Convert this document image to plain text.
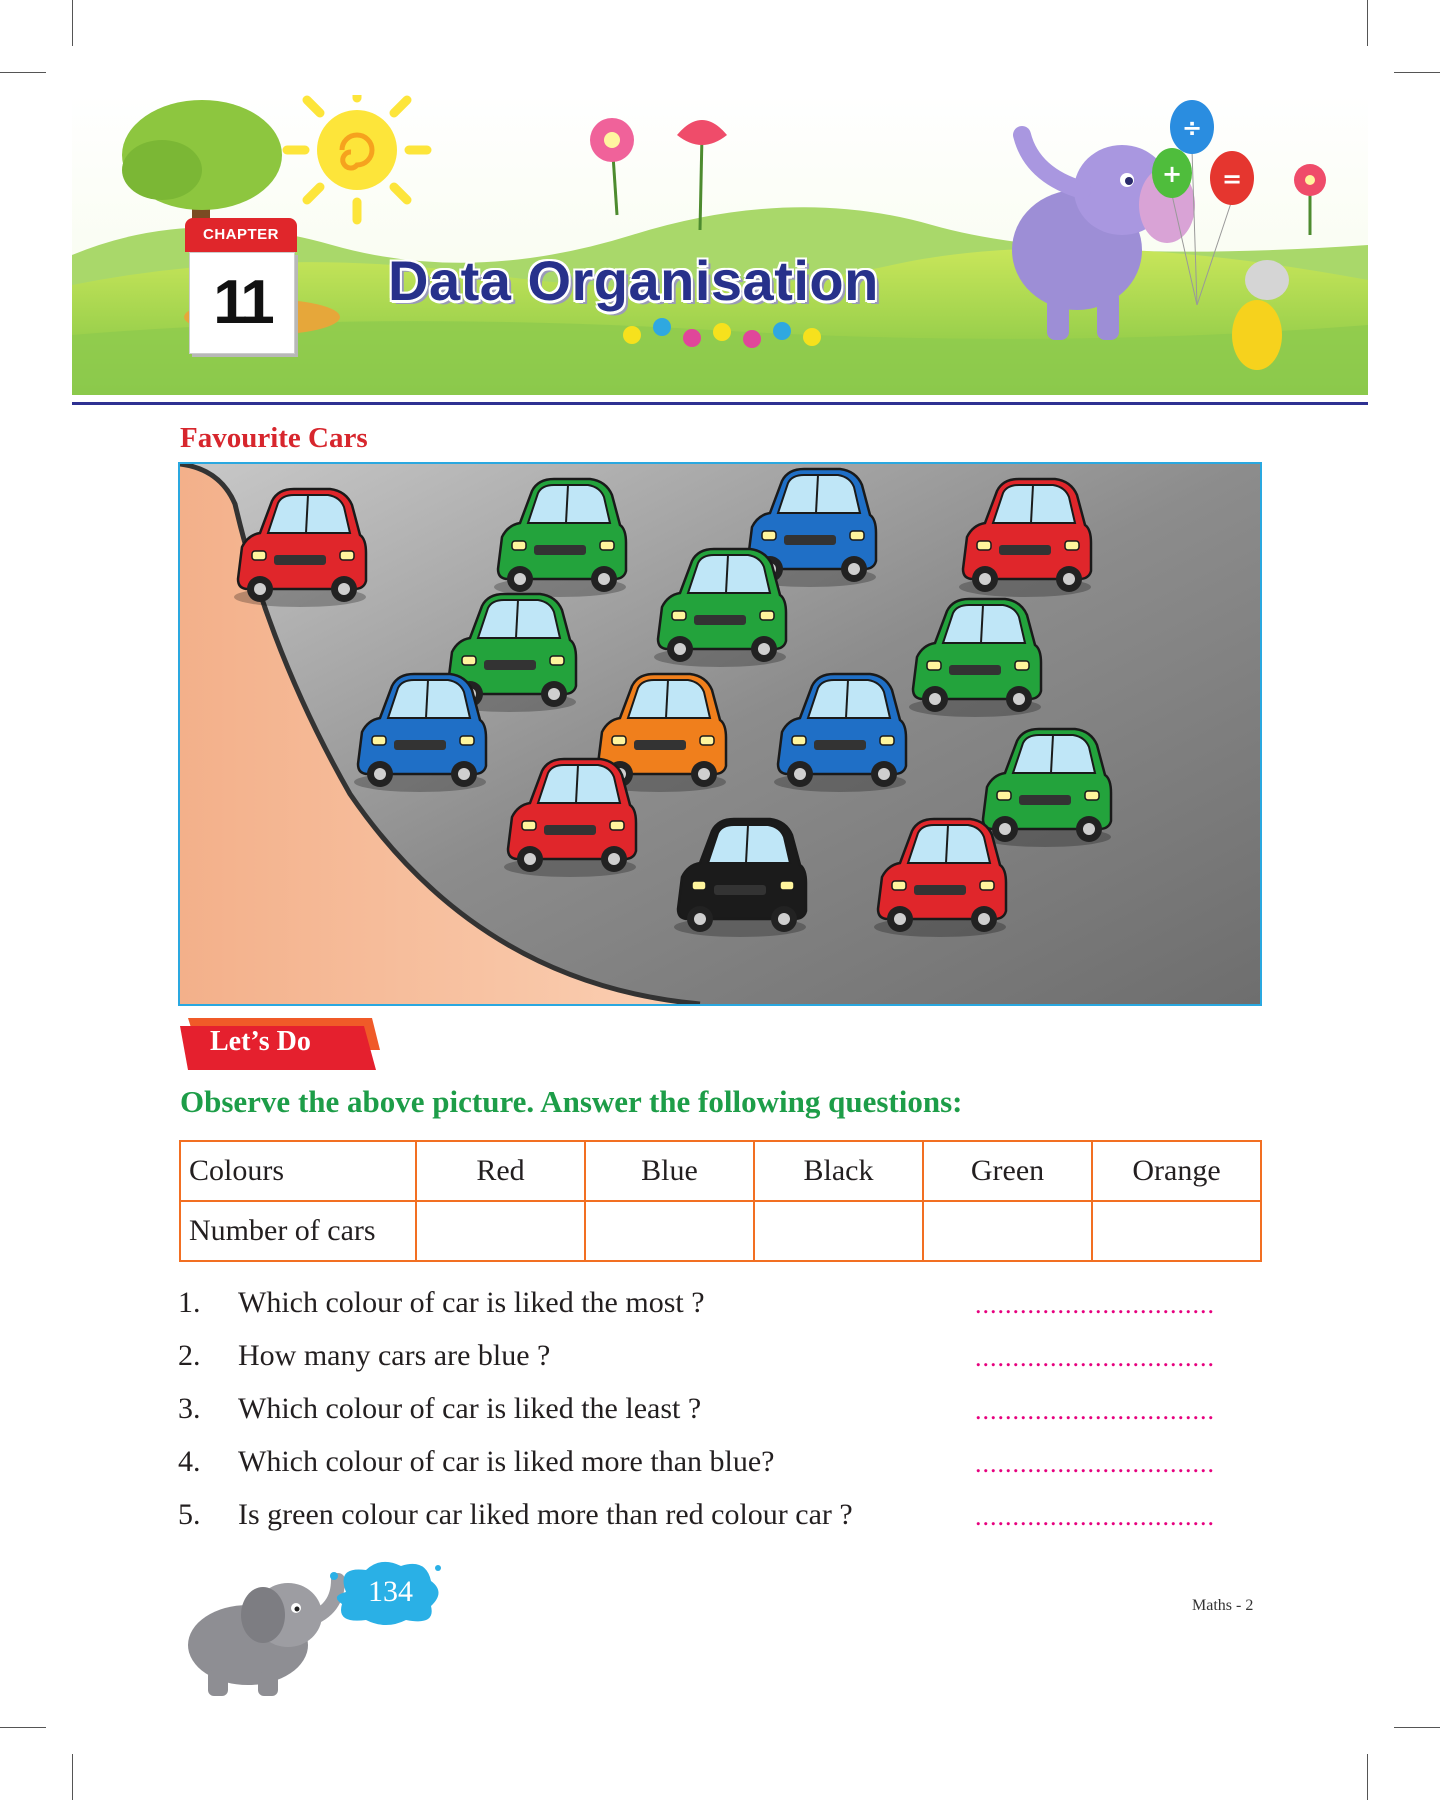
÷
+ =
CHAPTER
11	Data Organisation
Favourite Cars
Let’s Do
Observe the above picture. Answer the following questions:
Colours	Red	Blue	Black	Green	Orange
Number of cars					
1. Which colour of car is liked the most ?	................................
2. How many cars are blue ?	................................
3. Which colour of car is liked the least ?	................................
4. Which colour of car is liked more than blue?	................................
5. Is green colour car liked more than red colour car ?	................................
134	Maths - 2
